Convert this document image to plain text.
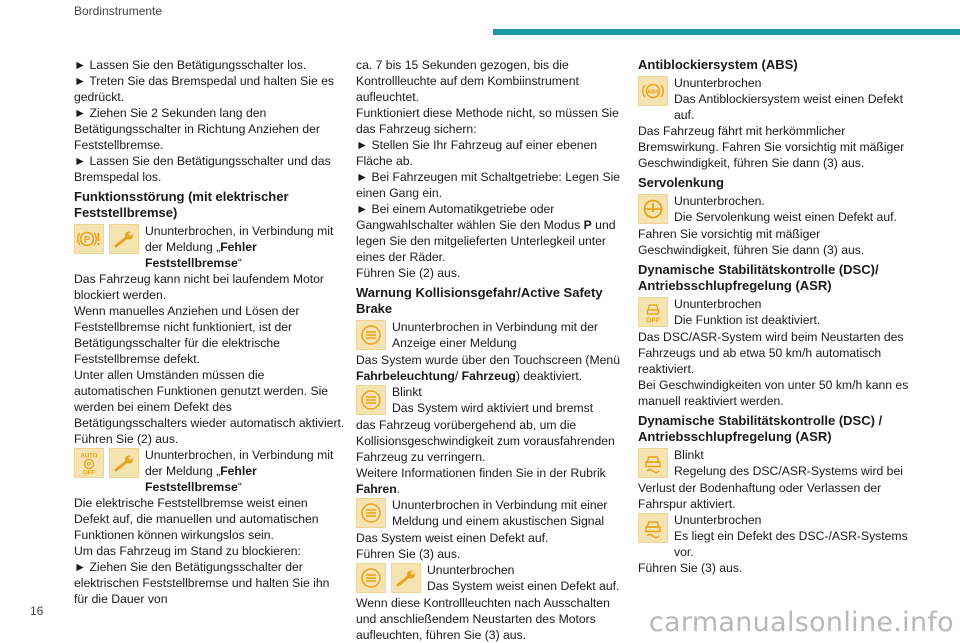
Bordinstrumente

► Lassen Sie den Betätigungsschalter los.

► Treten Sie das Bremspedal und halten Sie es gedrückt.

► Ziehen Sie 2 Sekunden lang den Betätigungsschalter in Richtung Anziehen der Feststellbremse.

► Lassen Sie den Betätigungsschalter und das Bremspedal los.

Funktionsstörung (mit elektrischer Feststellbremse)
P

Ununterbrochen, in Verbindung mit der Meldung „Fehler Feststellbremse“

Das Fahrzeug kann nicht bei laufendem Motor blockiert werden.

Wenn manuelles Anziehen und Lösen der Feststellbremse nicht funktioniert, ist der Betätigungsschalter für die elektrische Feststellbremse defekt.

Unter allen Umständen müssen die automatischen Funktionen genutzt werden. Sie werden bei einem Defekt des Betätigungsschalters wieder automatisch aktiviert.

Führen Sie (2) aus.

AUTO
P
OFF

Ununterbrochen, in Verbindung mit der Meldung „Fehler Feststellbremse“

Die elektrische Feststellbremse weist einen Defekt auf, die manuellen und automatischen Funktionen können wirkungslos sein.

Um das Fahrzeug im Stand zu blockieren:

► Ziehen Sie den Betätigungsschalter der elektrischen Feststellbremse und halten Sie ihn für die Dauer von

ca. 7 bis 15 Sekunden gezogen, bis die Kontrollleuchte auf dem Kombiinstrument aufleuchtet.

Funktioniert diese Methode nicht, so müssen Sie das Fahrzeug sichern:

► Stellen Sie Ihr Fahrzeug auf einer ebenen Fläche ab.

► Bei Fahrzeugen mit Schaltgetriebe: Legen Sie einen Gang ein.

► Bei einem Automatikgetriebe oder Gangwahlschalter wählen Sie den Modus P und legen Sie den mitgelieferten Unterlegkeil unter eines der Räder.

Führen Sie (2) aus.

Warnung Kollisionsgefahr/Active Safety Brake

Ununterbrochen in Verbindung mit der Anzeige einer Meldung

Das System wurde über den Touchscreen (Menü Fahrbeleuchtung/ Fahrzeug) deaktiviert.

Blinkt
Das System wird aktiviert und bremst

das Fahrzeug vorübergehend ab, um die Kollisionsgeschwindigkeit zum vorausfahrenden Fahrzeug zu verringern.

Weitere Informationen finden Sie in der Rubrik Fahren.

Ununterbrochen in Verbindung mit einer Meldung und einem akustischen Signal

Das System weist einen Defekt auf.

Führen Sie (3) aus.

Ununterbrochen
Das System weist einen Defekt auf.

Wenn diese Kontrollleuchten nach Ausschalten und anschließendem Neustarten des Motors aufleuchten, führen Sie (3) aus.

Antiblockiersystem (ABS)
ABS

Ununterbrochen
Das Antiblockiersystem weist einen Defekt auf.

Das Fahrzeug fährt mit herkömmlicher Bremswirkung. Fahren Sie vorsichtig mit mäßiger Geschwindigkeit, führen Sie dann (3) aus.

Servolenkung

Ununterbrochen.
Die Servolenkung weist einen Defekt auf.

Fahren Sie vorsichtig mit mäßiger Geschwindigkeit, führen Sie dann (3) aus.

Dynamische Stabilitätskontrolle (DSC)/ Antriebsschlupfregelung (ASR)
OFF

Ununterbrochen
Die Funktion ist deaktiviert.

Das DSC/ASR-System wird beim Neustarten des Fahrzeugs und ab etwa 50 km/h automatisch reaktiviert.

Bei Geschwindigkeiten von unter 50 km/h kann es manuell reaktiviert werden.

Dynamische Stabilitätskontrolle (DSC) / Antriebsschlupfregelung (ASR)

Blinkt
Regelung des DSC/ASR-Systems wird bei

Verlust der Bodenhaftung oder Verlassen der Fahrspur aktiviert.

Ununterbrochen
Es liegt ein Defekt des DSC-/ASR-Systems vor.

Führen Sie (3) aus.

16	carmanualsonline.info
